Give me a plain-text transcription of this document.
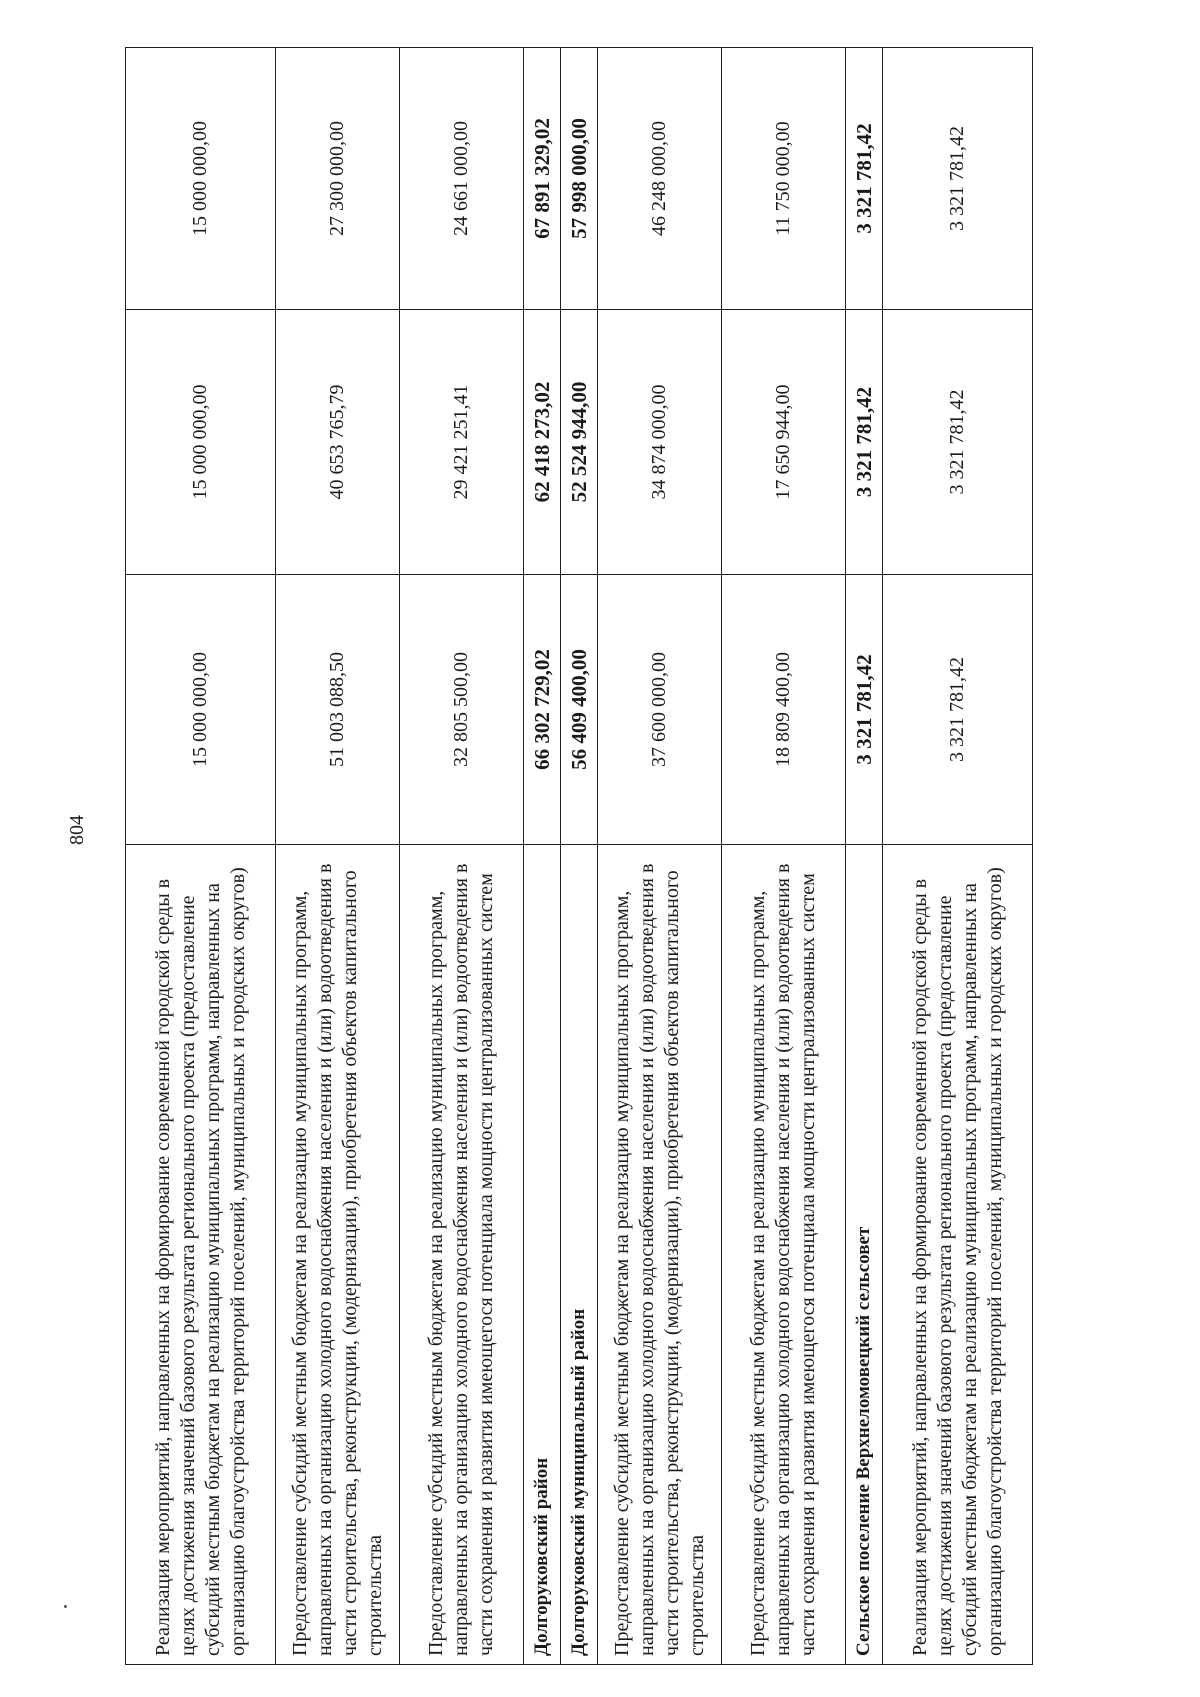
804
Реализация мероприятий, направленных на формирование современной городской среды в целях достижения значений базового результата регионального проекта (предоставление субсидий местным бюджетам на реализацию муниципальных программ, направленных на организацию благоустройства территорий поселений, муниципальных и городских округов)	15 000 000,00	15 000 000,00	15 000 000,00
Предоставление субсидий местным бюджетам на реализацию муниципальных программ, направленных на организацию холодного водоснабжения населения и (или) водоотведения в части строительства, реконструкции, (модернизации), приобретения объектов капитального строительства	51 003 088,50	40 653 765,79	27 300 000,00
Предоставление субсидий местным бюджетам на реализацию муниципальных программ, направленных на организацию холодного водоснабжения населения и (или) водоотведения в части сохранения и развития имеющегося потенциала мощности централизованных систем	32 805 500,00	29 421 251,41	24 661 000,00
Долгоруковский район	66 302 729,02	62 418 273,02	67 891 329,02
Долгоруковский муниципальный район	56 409 400,00	52 524 944,00	57 998 000,00
Предоставление субсидий местным бюджетам на реализацию муниципальных программ, направленных на организацию холодного водоснабжения населения и (или) водоотведения в части строительства, реконструкции, (модернизации), приобретения объектов капитального строительства	37 600 000,00	34 874 000,00	46 248 000,00
Предоставление субсидий местным бюджетам на реализацию муниципальных программ, направленных на организацию холодного водоснабжения населения и (или) водоотведения в части сохранения и развития имеющегося потенциала мощности централизованных систем	18 809 400,00	17 650 944,00	11 750 000,00
Сельское поселение Верхнеломовецкий сельсовет	3 321 781,42	3 321 781,42	3 321 781,42
Реализация мероприятий, направленных на формирование современной городской среды в целях достижения значений базового результата регионального проекта (предоставление субсидий местным бюджетам на реализацию муниципальных программ, направленных на организацию благоустройства территорий поселений, муниципальных и городских округов)	3 321 781,42	3 321 781,42	3 321 781,42
